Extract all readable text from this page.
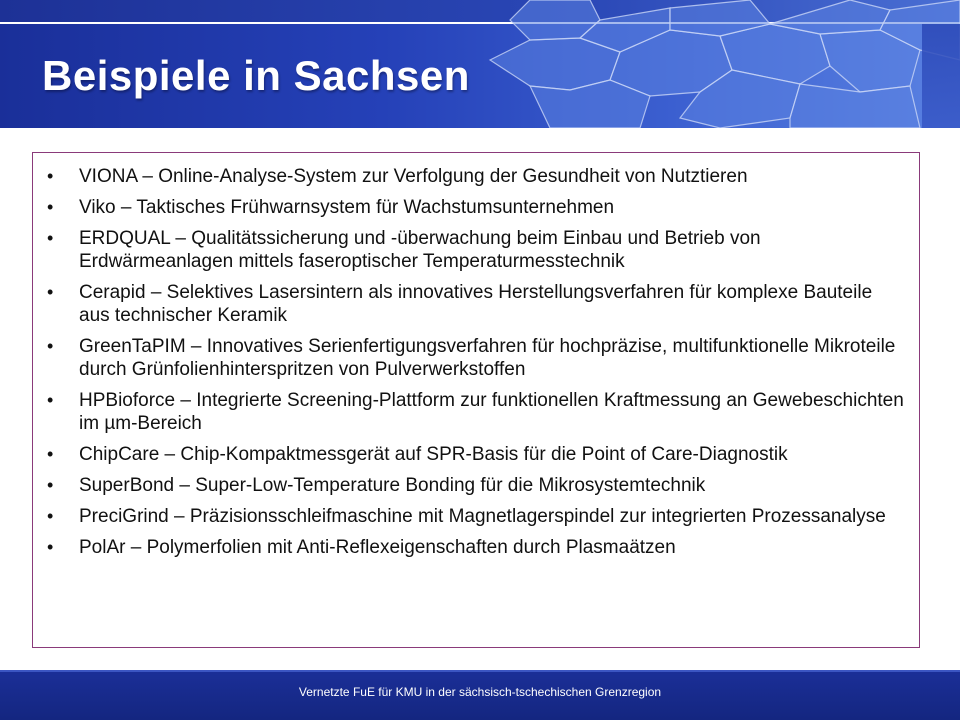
Beispiele in Sachsen
•	VIONA – Online-Analyse-System zur Verfolgung der Gesundheit von Nutztieren
•	Viko – Taktisches Frühwarnsystem für Wachstumsunternehmen
•	ERDQUAL – Qualitätssicherung und -überwachung beim Einbau und Betrieb von Erdwärmeanlagen mittels faseroptischer Temperaturmesstechnik
•	Cerapid – Selektives Lasersintern als innovatives Herstellungsverfahren für komplexe Bauteile aus technischer Keramik
•	GreenTaPIM – Innovatives Serienfertigungsverfahren für hochpräzise, multifunktionelle Mikroteile durch Grünfolienhinterspritzen von Pulverwerkstoffen
•	HPBioforce – Integrierte Screening-Plattform zur funktionellen Kraftmessung an Gewebeschichten im µm-Bereich
•	ChipCare – Chip-Kompaktmessgerät auf SPR-Basis für die Point of Care-Diagnostik
•	SuperBond – Super-Low-Temperature Bonding für die Mikrosystemtechnik
•	PreciGrind – Präzisionsschleifmaschine mit Magnetlagerspindel zur integrierten Prozessanalyse
•	PolAr – Polymerfolien mit Anti-Reflexeigenschaften durch Plasmaätzen
Vernetzte FuE für KMU in der sächsisch-tschechischen Grenzregion
